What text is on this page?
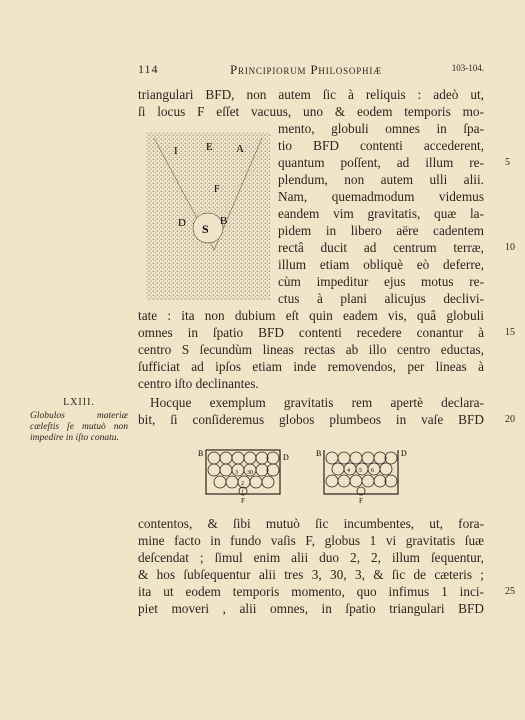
114	Principiorum Philosophiæ	103-104.
triangulari BFD, non autem ſic à reliquis : adeò ut,
ſi locus F eſſet vacuus, uno & eodem temporis mo-
mento, globuli omnes in ſpa-
tio BFD contenti accederent,
quantum poſſent, ad illum re-
plendum, non autem ulli alii.
Nam, quemadmodum videmus
eandem vim gravitatis, quæ la-
pidem in libero aëre cadentem
rectâ ducit ad centrum terræ,
illum etiam obliquè eò deferre,
cùm impeditur ejus motus re-
ctus à plani alicujus declivi-
tate : ita non dubium eſt quin eadem vis, quâ globuli
omnes in ſpatio BFD contenti recedere conantur à
centro S ſecundùm lineas rectas ab illo centro eductas,
ſufficiat ad ipſos etiam inde removendos, per lineas à
centro iſto declinantes.
Hocque exemplum gravitatis rem apertè declara-
bit, ſi conſideremus globos plumbeos in vaſe BFD
contentos, & ſibi mutuò ſic incumbentes, ut, fora-
mine facto in fundo vaſis F, globus 1 vi gravitatis ſuæ
deſcendat ; ſimul enim alii duo 2, 2, illum ſequentur,
& hos ſubſequentur alii tres 3, 30, 3, & ſic de cæteris ;
ita ut eodem temporis momento, quo infimus 1 inci-
piet moveri , alii omnes, in ſpatio triangulari BFD
5
10
15
20
25
LXIII.
Globulos materiæ cæleſtis ſe mutuò non impedire in iſto conatu.
I	E A
F
D S
B
B	D
F
3 30
2
1
B	D
F
4 5 6
